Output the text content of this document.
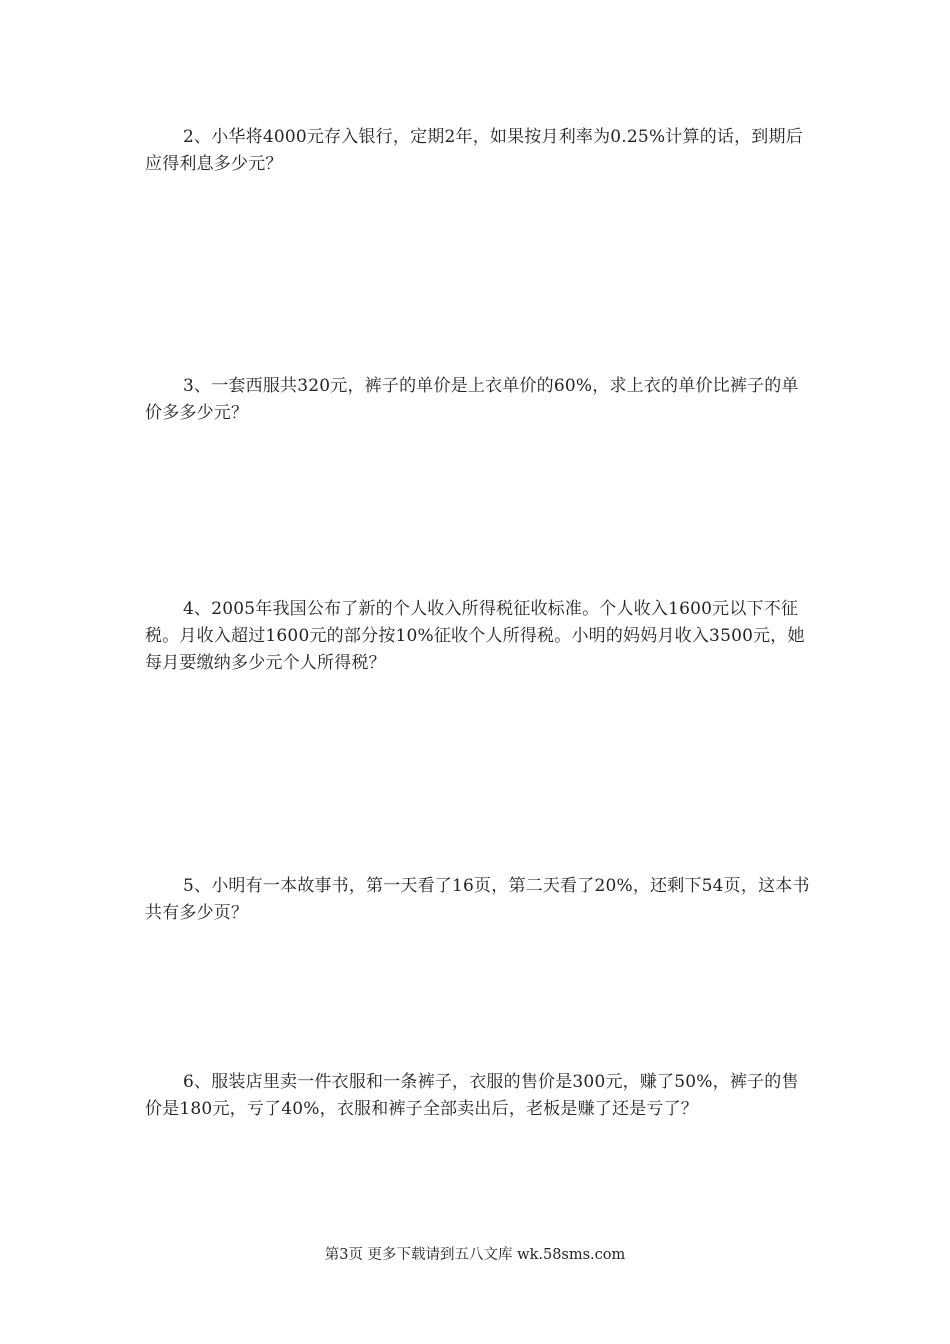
2、小华将4000元存入银行，定期2年，如果按月利率为0.25%计算的话，到期后应得利息多少元？

3、一套西服共320元，裤子的单价是上衣单价的60%，求上衣的单价比裤子的单价多多少元？

4、2005年我国公布了新的个人收入所得税征收标准。个人收入1600元以下不征税。月收入超过1600元的部分按10%征收个人所得税。小明的妈妈月收入3500元，她每月要缴纳多少元个人所得税？

5、小明有一本故事书，第一天看了16页，第二天看了20%，还剩下54页，这本书共有多少页？

6、服装店里卖一件衣服和一条裤子，衣服的售价是300元，赚了50%，裤子的售价是180元，亏了40%，衣服和裤子全部卖出后，老板是赚了还是亏了？

第3页 更多下载请到五八文库 wk.58sms.com
